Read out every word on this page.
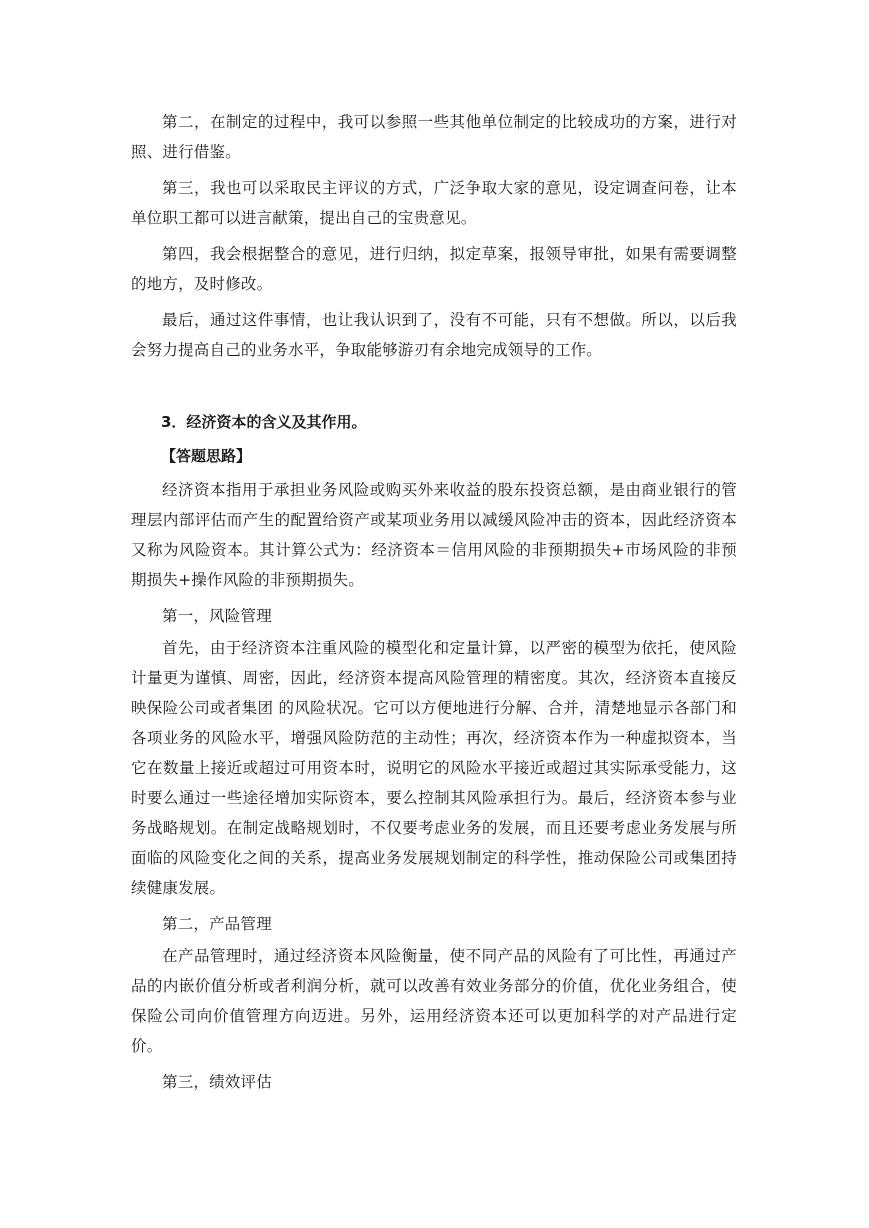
第二，在制定的过程中，我可以参照一些其他单位制定的比较成功的方案，进行对照、进行借鉴。

第三，我也可以采取民主评议的方式，广泛争取大家的意见，设定调查问卷，让本单位职工都可以进言献策，提出自己的宝贵意见。

第四，我会根据整合的意见，进行归纳，拟定草案，报领导审批，如果有需要调整的地方，及时修改。

最后，通过这件事情，也让我认识到了，没有不可能，只有不想做。所以，以后我会努力提高自己的业务水平，争取能够游刃有余地完成领导的工作。

3．经济资本的含义及其作用。
【答题思路】

经济资本指用于承担业务风险或购买外来收益的股东投资总额，是由商业银行的管理层内部评估而产生的配置给资产或某项业务用以减缓风险冲击的资本，因此经济资本 又称为风险资本。其计算公式为：经济资本＝信用风险的非预期损失+市场风险的非预期损失+操作风险的非预期损失。

第一，风险管理

首先，由于经济资本注重风险的模型化和定量计算，以严密的模型为依托，使风险计量更为谨慎、周密，因此，经济资本提高风险管理的精密度。其次，经济资本直接反映保险公司或者集团 的风险状况。它可以方便地进行分解、合并，清楚地显示各部门和各项业务的风险水平，增强风险防范的主动性；再次，经济资本作为一种虚拟资本，当它在数量上接近或超过可用资本时，说明它的风险水平接近或超过其实际承受能力，这时要么通过一些途径增加实际资本，要么控制其风险承担行为。最后，经济资本参与业务战略规划。在制定战略规划时，不仅要考虑业务的发展，而且还要考虑业务发展与所面临的风险变化之间的关系，提高业务发展规划制定的科学性，推动保险公司或集团持续健康发展。

第二，产品管理

在产品管理时，通过经济资本风险衡量，使不同产品的风险有了可比性，再通过产品的内嵌价值分析或者利润分析，就可以改善有效业务部分的价值，优化业务组合，使保险公司向价值管理方向迈进。另外，运用经济资本还可以更加科学的对产品进行定价。

第三，绩效评估
